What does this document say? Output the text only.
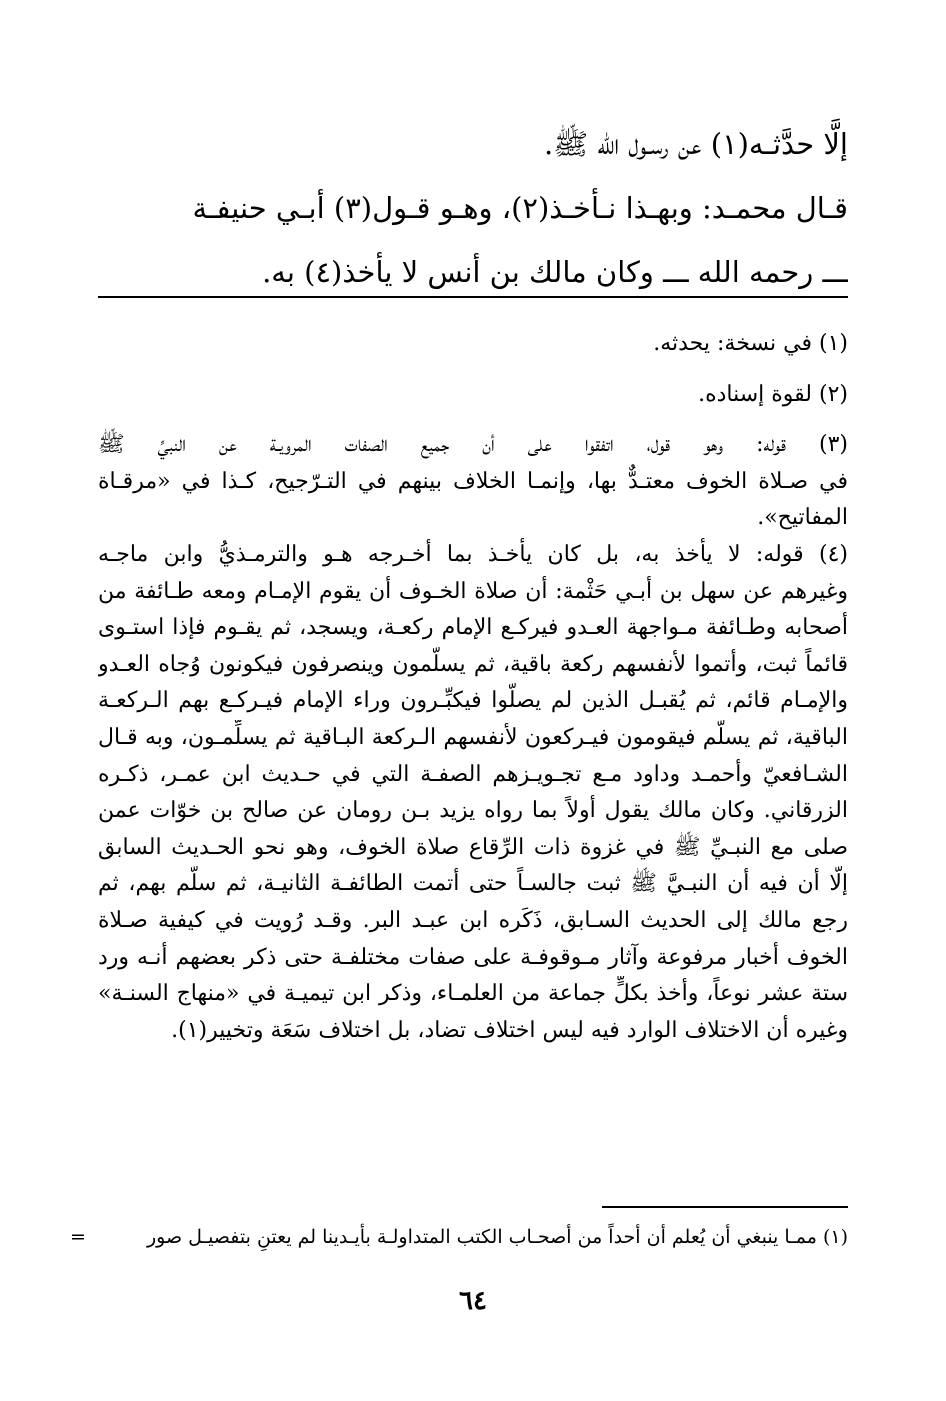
إلَّا حدَّثـه(١) عن رسـول الله ﷺ.
قـال محمـد: وبهـذا نـأخـذ(٢)، وهـو قـول(٣) أبـي حنيفـة
ـــ رحمه الله ـــ وكان مالك بن أنس لا يأخذ(٤) به.
(١) في نسخة: يحدثه.
(٢) لقوة إسناده.
(٣) قوله: وهو قول، اتفقوا على أن جميع الصفات المرويـة عن النبيِّ ﷺ
في صـلاة الخوف معتـدٌّ بها، وإنمـا الخلاف بينهم في التـرّجيح، كـذا في «مرقـاة
المفاتيح».
(٤) قوله: لا يأخذ به، بل كان يأخـذ بما أخـرجه هـو والترمـذيُّ وابن ماجـه
وغيرهم عن سهل بن أبـي حَثْمة: أن صلاة الخـوف أن يقوم الإمـام ومعه طـائفة من
أصحابه وطـائفة مـواجهة العـدو فيركـع الإمام ركعـة، ويسجد، ثم يقـوم فإذا استـوى
قائماً ثبت، وأتموا لأنفسهم ركعة باقية، ثم يسلّمون وينصرفون فيكونون وُجاه العـدو
والإمـام قائم، ثم يُقبـل الذين لم يصلّوا فيكبِّـرون وراء الإمام فيـركـع بهم الـركعـة
الباقية، ثم يسلّم فيقومون فيـركعون لأنفسهم الـركعة البـاقية ثم يسلِّمـون، وبه قـال
الشـافعيّ وأحمـد وداود مـع تجـويـزهم الصفـة التي في حـديث ابن عمـر، ذكـره
الزرقاني. وكان مالك يقول أولاً بما رواه يزيد بـن رومان عن صالح بن خوّات عمن
صلى مع النبـيِّ ﷺ في غزوة ذات الرِّقاع صلاة الخوف، وهو نحو الحـديث السابق
إلّا أن فيه أن النبـيَّ ﷺ ثبت جالسـاً حتى أتمت الطائفـة الثانيـة، ثم سلّم بهم، ثم
رجع مالك إلى الحديث السـابق، ذَكَره ابن عبـد البر. وقـد رُويت في كيفية صـلاة
الخوف أخبار مرفوعة وآثار مـوقوفـة على صفات مختلفـة حتى ذكر بعضهم أنـه ورد
ستة عشر نوعاً، وأخذ بكلٍّ جماعة من العلمـاء، وذكر ابن تيميـة في «منهاج السنـة»
وغيره أن الاختلاف الوارد فيه ليس اختلاف تضاد، بل اختلاف سَعَة وتخيير(١).
(١) ممـا ينبغي أن يُعلم أن أحداً من أصحـاب الكتب المتداولـة بأيـدينا لم يعتنِ بتفصيـل صور
=
٦٤
